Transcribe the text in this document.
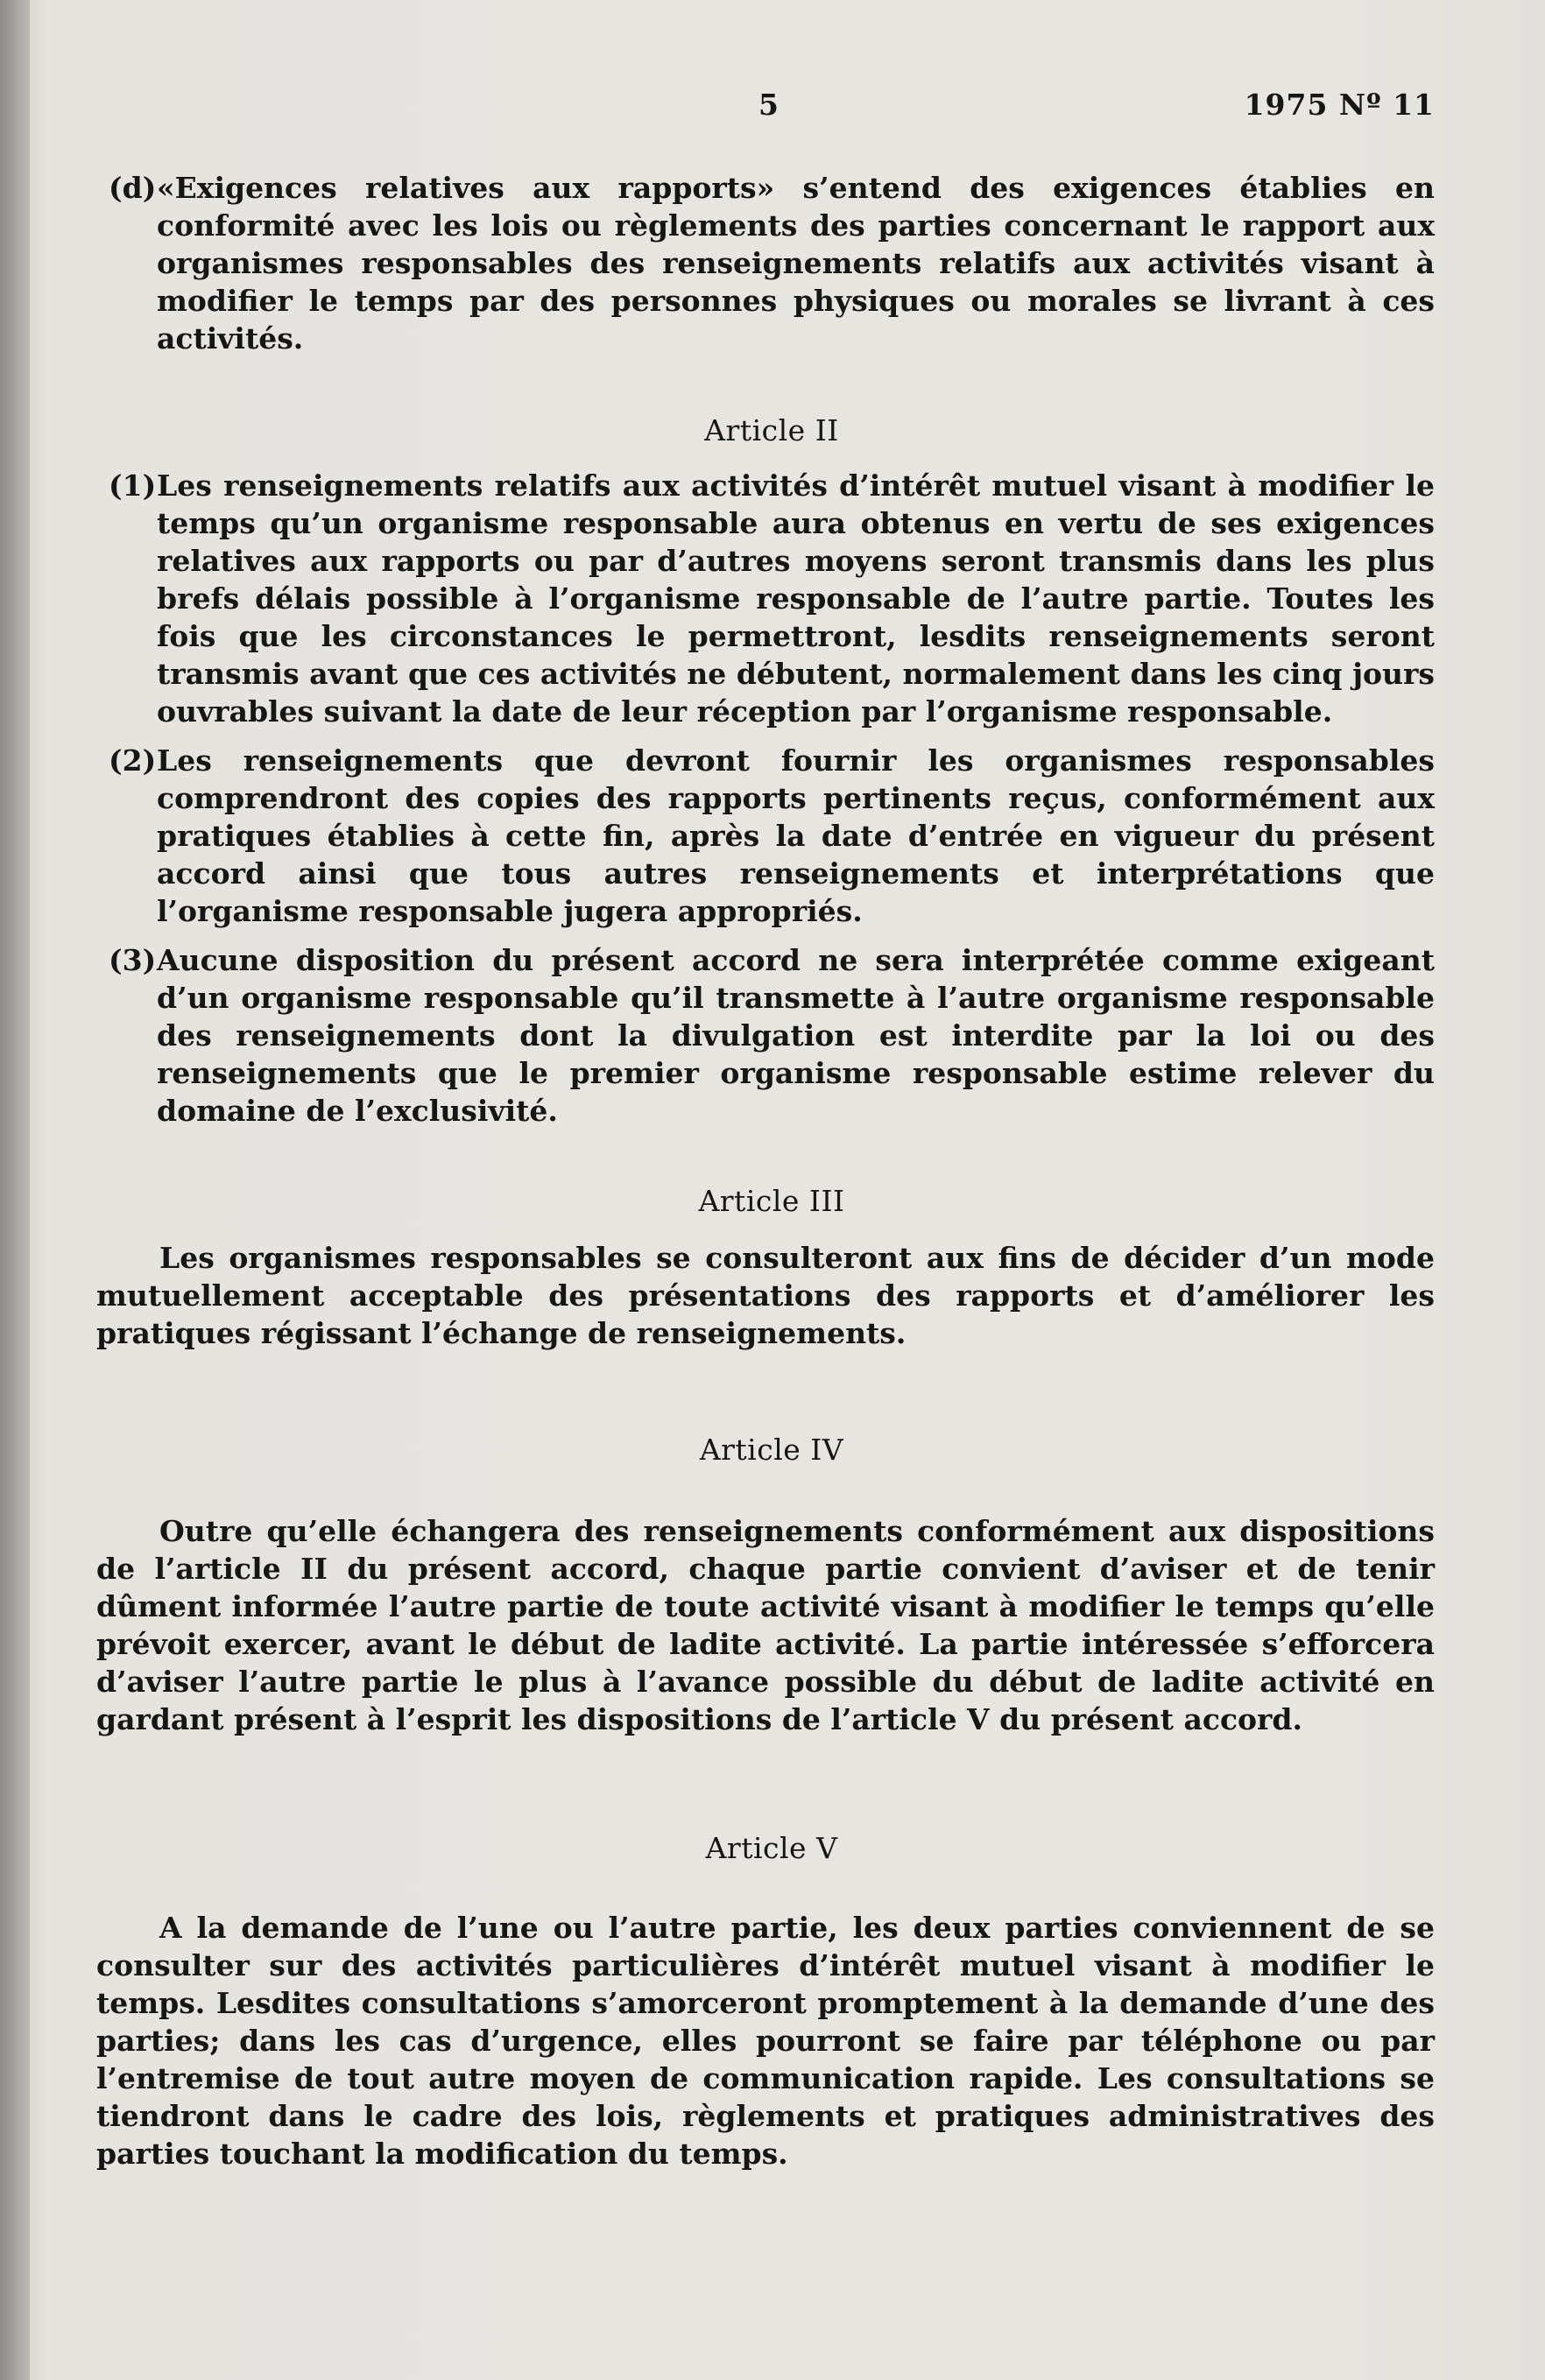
5	1975 Nº 11
(d) «Exigences relatives aux rapports» s’entend des exigences établies en conformité avec les lois ou règlements des parties concernant le rapport aux organismes responsables des renseignements relatifs aux activités visant à modifier le temps par des personnes physiques ou morales se livrant à ces activités.
Article II
(1) Les renseignements relatifs aux activités d’intérêt mutuel visant à modifier le temps qu’un organisme responsable aura obtenus en vertu de ses exigences relatives aux rapports ou par d’autres moyens seront transmis dans les plus brefs délais possible à l’organisme responsable de l’autre partie. Toutes les fois que les circonstances le permettront, lesdits renseignements seront transmis avant que ces activités ne débutent, normalement dans les cinq jours ouvrables suivant la date de leur réception par l’organisme responsable.
(2) Les renseignements que devront fournir les organismes responsables comprendront des copies des rapports pertinents reçus, conformément aux pratiques établies à cette fin, après la date d’entrée en vigueur du présent accord ainsi que tous autres renseignements et interprétations que l’organisme responsable jugera appropriés.
(3) Aucune disposition du présent accord ne sera interprétée comme exigeant d’un organisme responsable qu’il transmette à l’autre organisme responsable des renseignements dont la divulgation est interdite par la loi ou des renseignements que le premier organisme responsable estime relever du domaine de l’exclusivité.
Article III

Les organismes responsables se consulteront aux fins de décider d’un mode mutuellement acceptable des présentations des rapports et d’améliorer les pratiques régissant l’échange de renseignements.

Article IV

Outre qu’elle échangera des renseignements conformément aux dispositions de l’article II du présent accord, chaque partie convient d’aviser et de tenir dûment informée l’autre partie de toute activité visant à modifier le temps qu’elle prévoit exercer, avant le début de ladite activité. La partie intéressée s’efforcera d’aviser l’autre partie le plus à l’avance possible du début de ladite activité en gardant présent à l’esprit les dispositions de l’article V du présent accord.

Article V

A la demande de l’une ou l’autre partie, les deux parties conviennent de se consulter sur des activités particulières d’intérêt mutuel visant à modifier le temps. Lesdites consultations s’amorceront promptement à la demande d’une des parties; dans les cas d’urgence, elles pourront se faire par téléphone ou par l’entremise de tout autre moyen de communication rapide. Les consultations se tiendront dans le cadre des lois, règlements et pratiques administratives des parties touchant la modification du temps.
